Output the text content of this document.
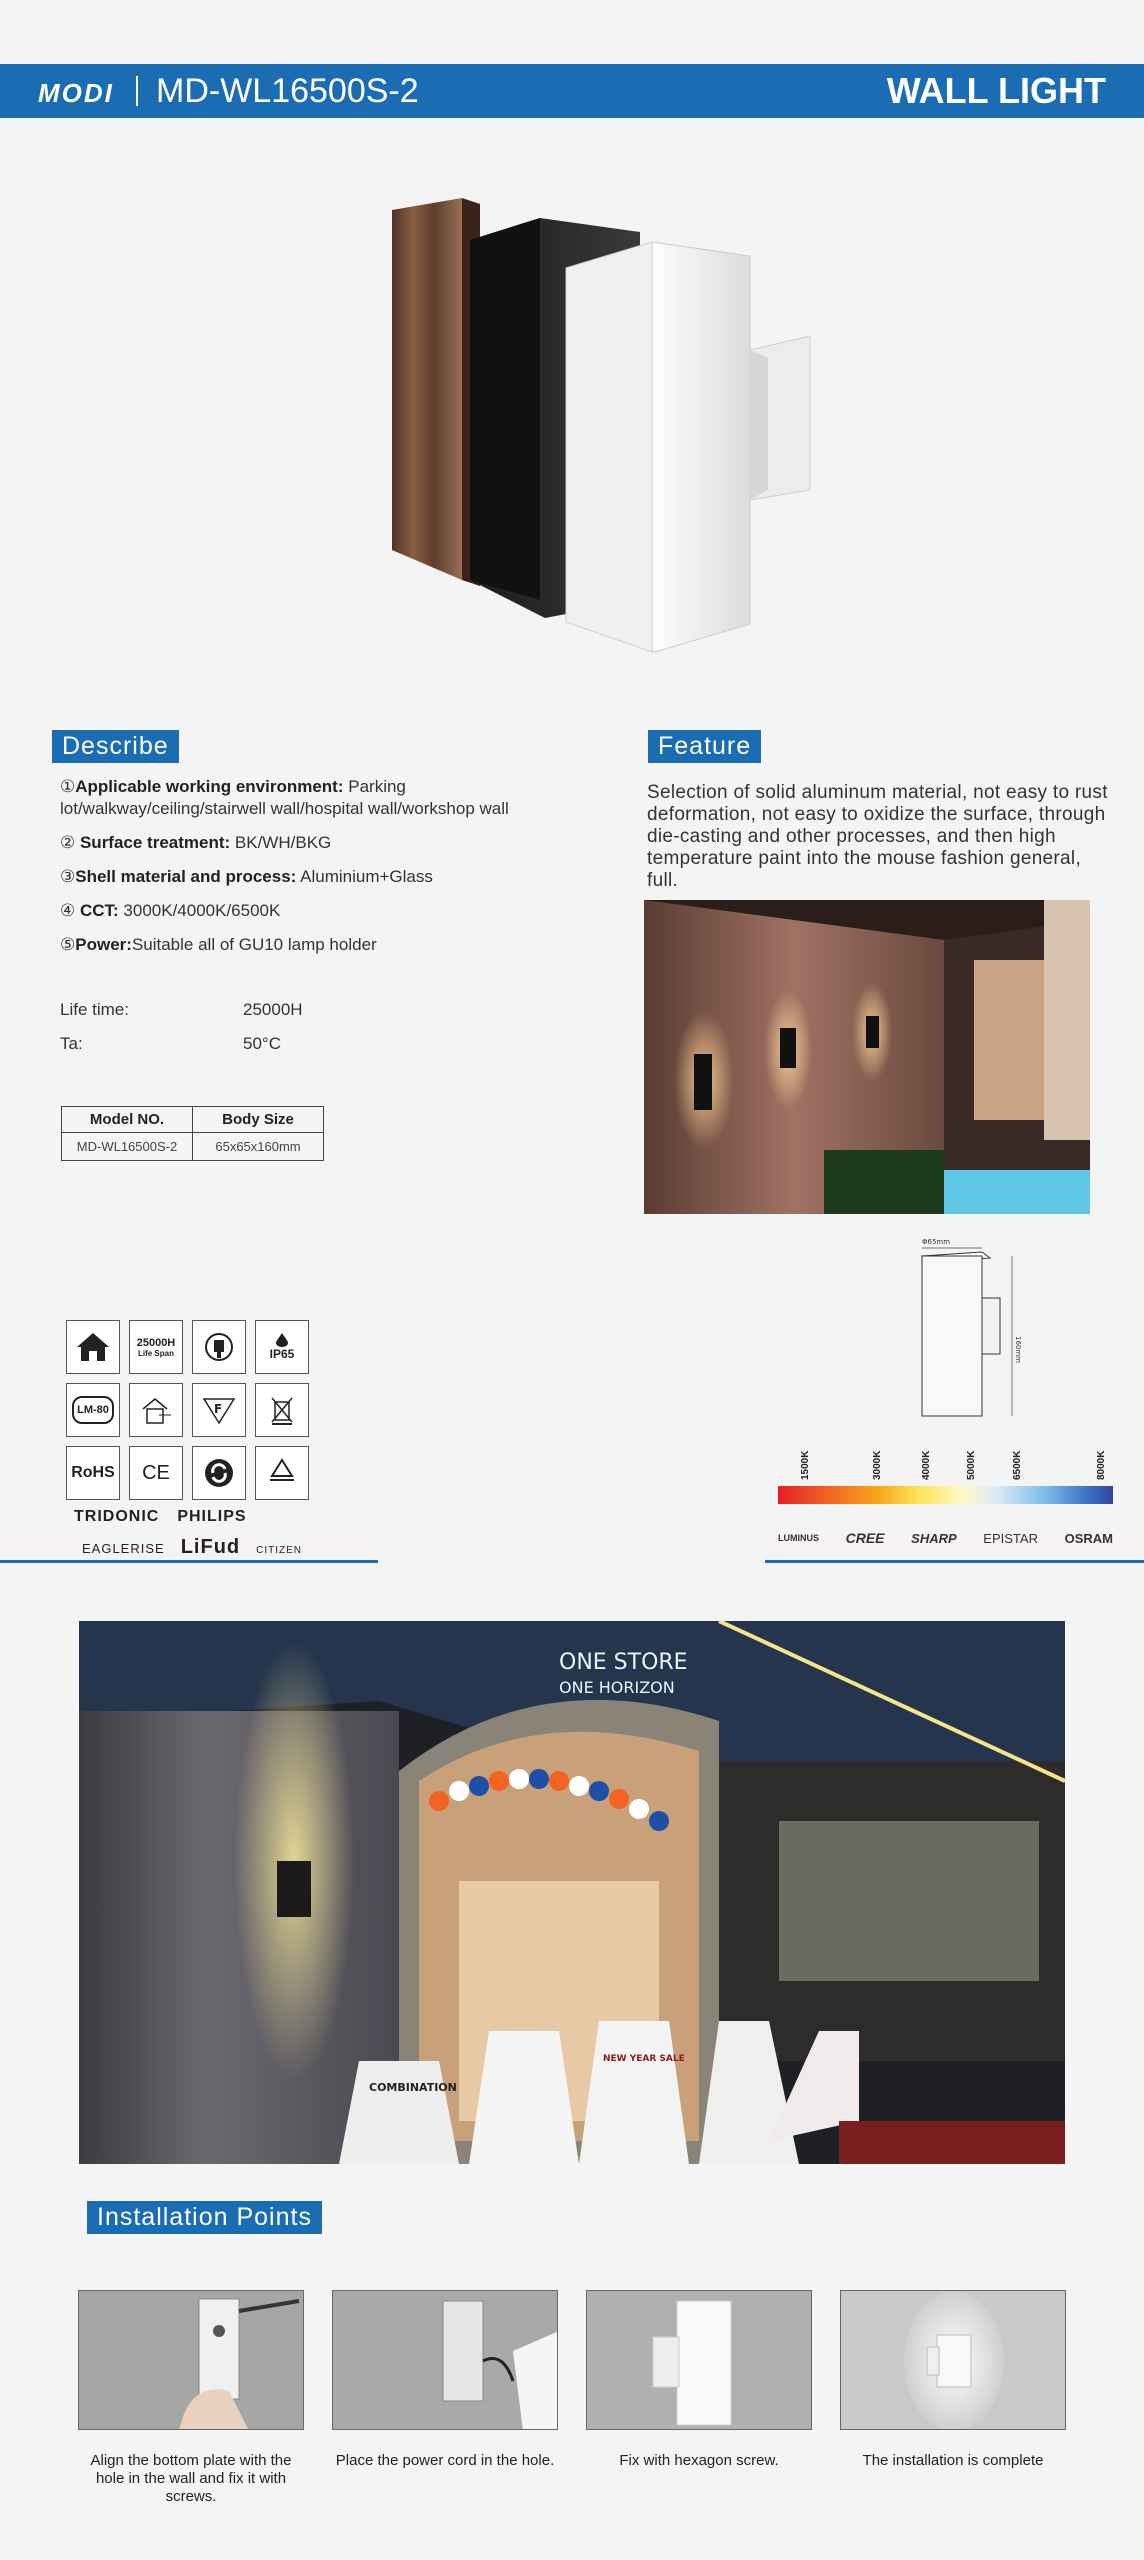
MODI MD-WL16500S-2	WALL LIGHT
Describe

①Applicable working environment: Parking lot/walkway/ceiling/stairwell wall/hospital wall/workshop wall

② Surface treatment: BK/WH/BKG

③Shell material and process: Aluminium+Glass

④ CCT: 3000K/4000K/6500K

⑤Power:Suitable all of GU10 lamp holder

Life time:	25000H
Ta:	50°C
Model NO.	Body Size
MD-WL16500S-2	65x65x160mm
Feature
Selection of solid aluminum material, not easy to rust deformation, not easy to oxidize the surface, through die-casting and other processes, and then high temperature paint into the mouse fashion general, full.
Φ65mm
160mm
25000H
Life Span	IP65
LM-80	F
RoHS	CE
TRIDONIC PHILIPS
EAGLERISE LiFud CITIZEN
1500K	3000K	4000K	5000K	6500K	8000K
LUMINUS CREE SHARP EPISTAR OSRAM
ONE STORE
ONE HORIZON
COMBINATION
NEW YEAR SALE
Installation Points
Align the bottom plate with the hole in the wall and fix it with screws.
Place the power cord in the hole.	Fix with hexagon screw.	The installation is complete
